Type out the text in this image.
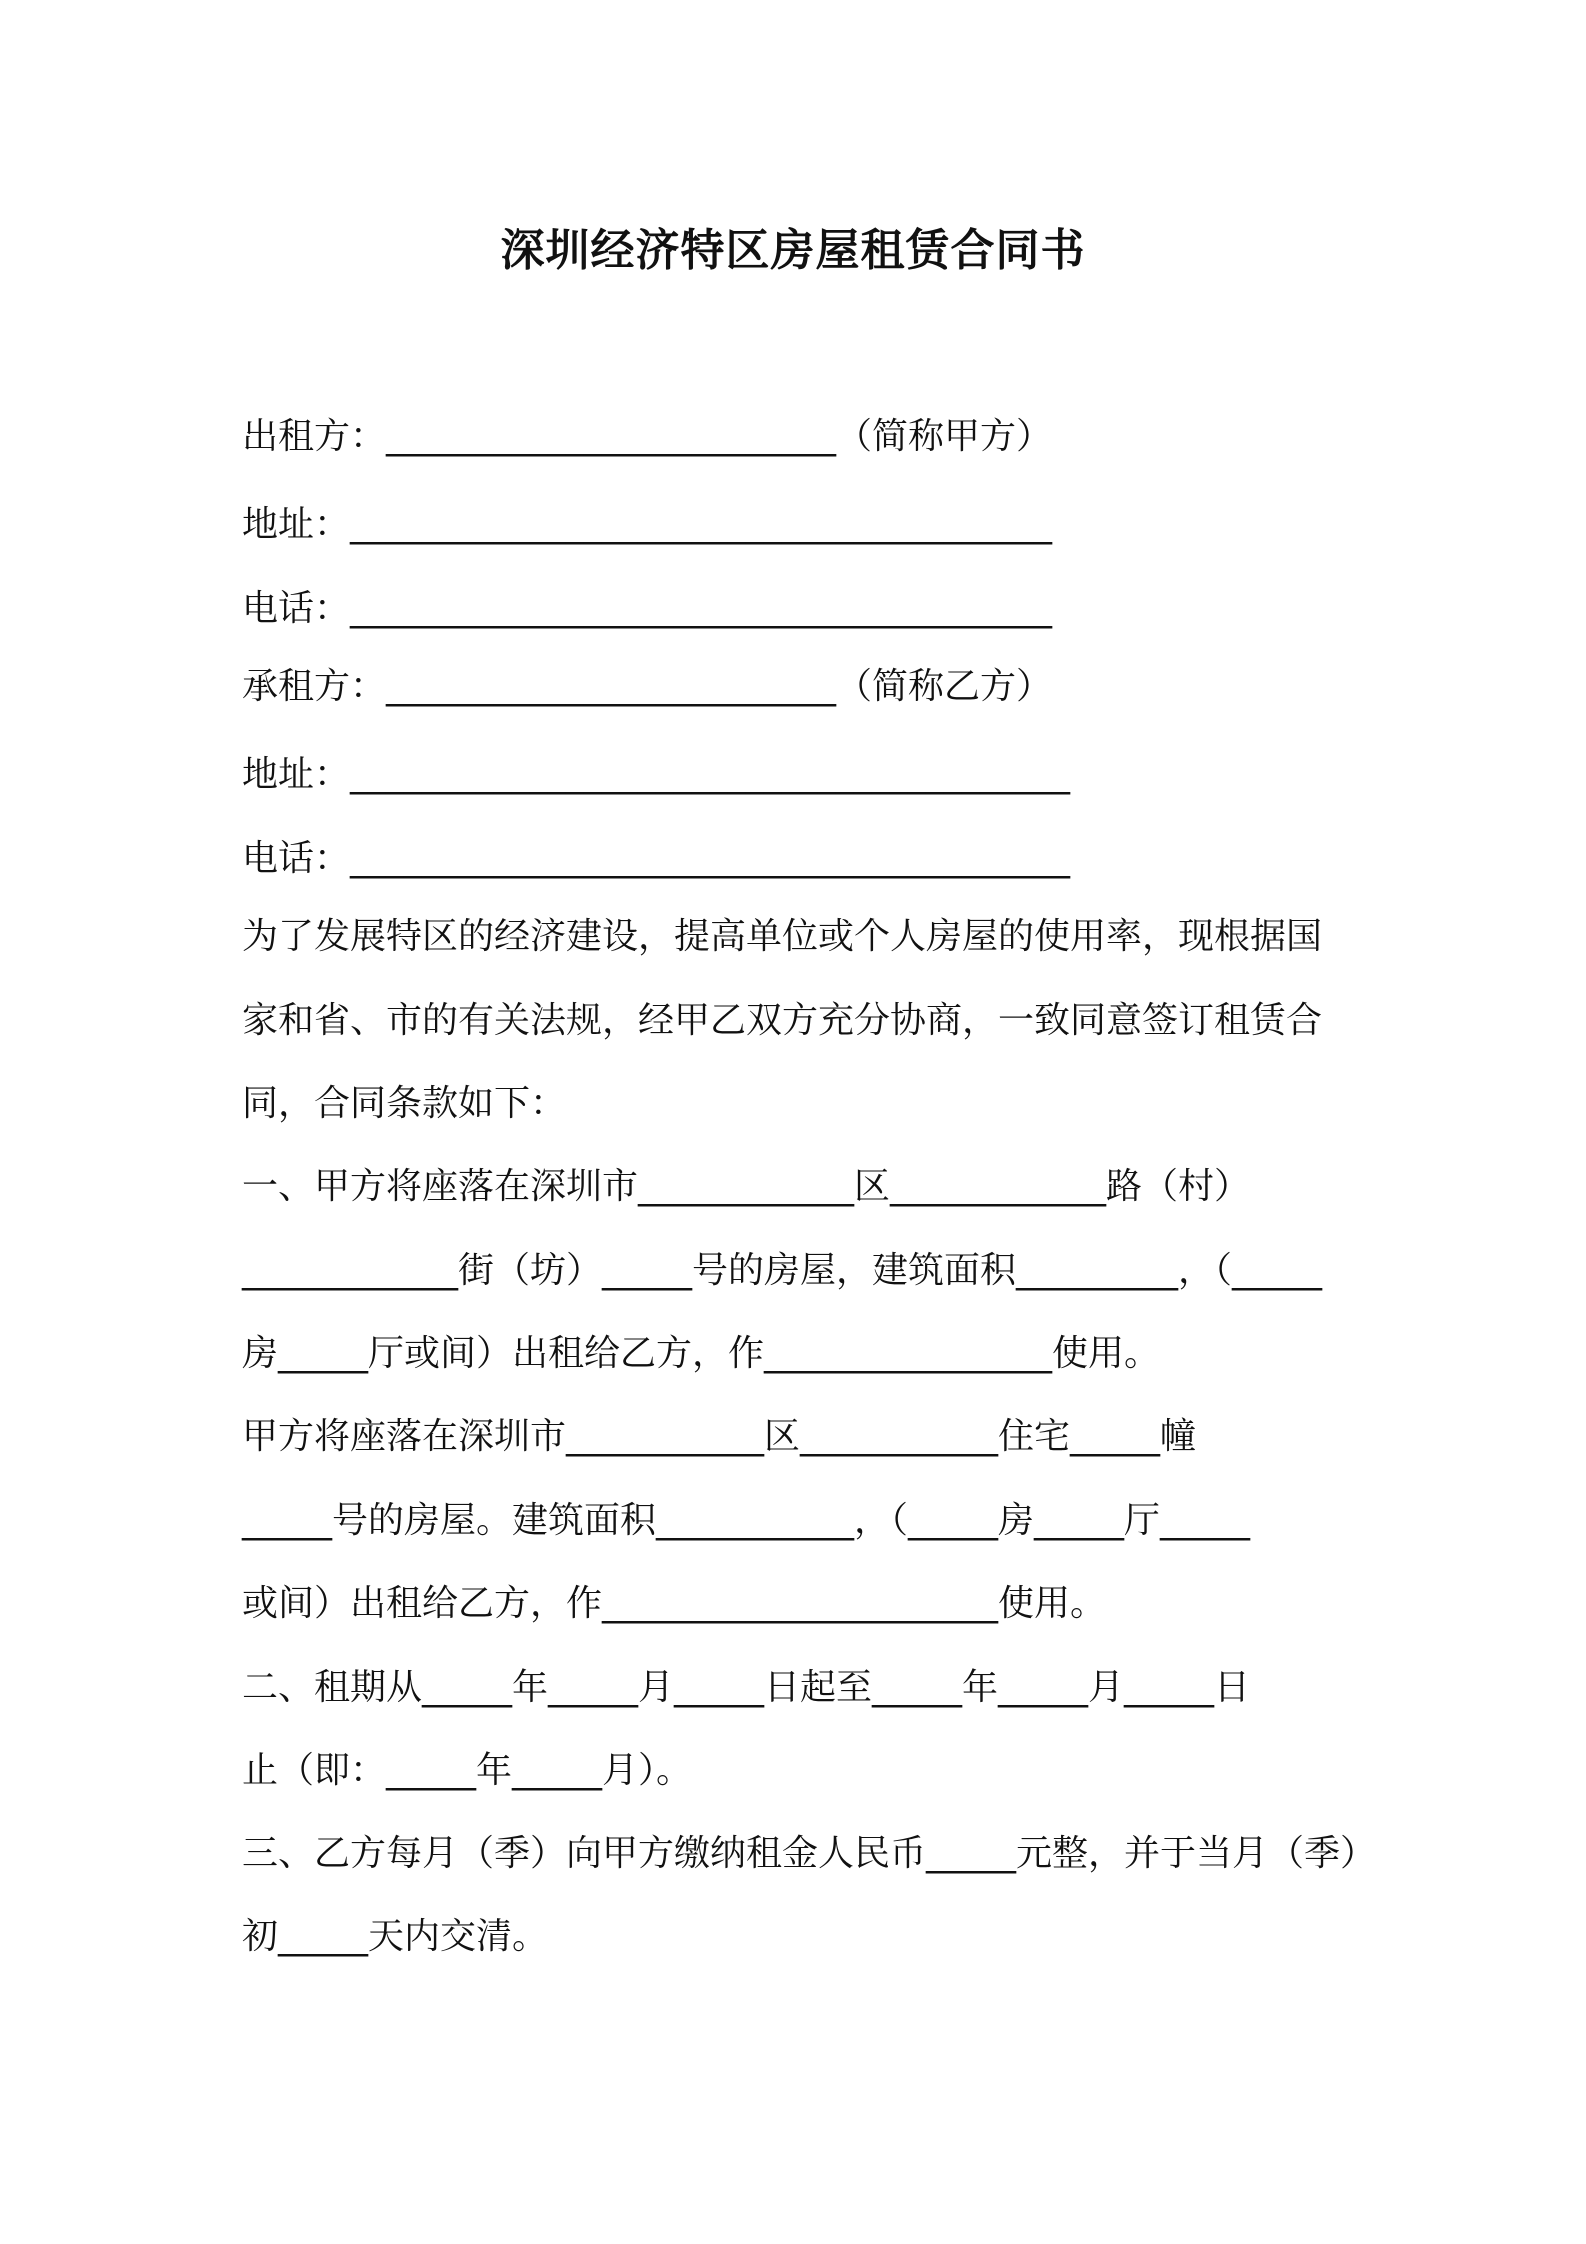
深圳经济特区房屋租赁合同书
出租方：_________________________（简称甲方）
地址：_______________________________________
电话：_______________________________________
承租方：_________________________（简称乙方）
地址：________________________________________
电话：________________________________________
为了发展特区的经济建设，提高单位或个人房屋的使用率，现根据国
家和省、市的有关法规，经甲乙双方充分协商，一致同意签订租赁合
同，合同条款如下：
一、甲方将座落在深圳市____________区____________路（村）
____________街（坊）_____号的房屋，建筑面积_________，（_____
房_____厅或间）出租给乙方，作________________使用。
甲方将座落在深圳市___________区___________住宅_____幢
_____号的房屋。建筑面积___________，（_____房_____厅_____
或间）出租给乙方，作______________________使用。
二、租期从_____年_____月_____日起至_____年_____月_____日
止（即：_____年_____月）。
三、乙方每月（季）向甲方缴纳租金人民币_____元整，并于当月（季）
初_____天内交清。
